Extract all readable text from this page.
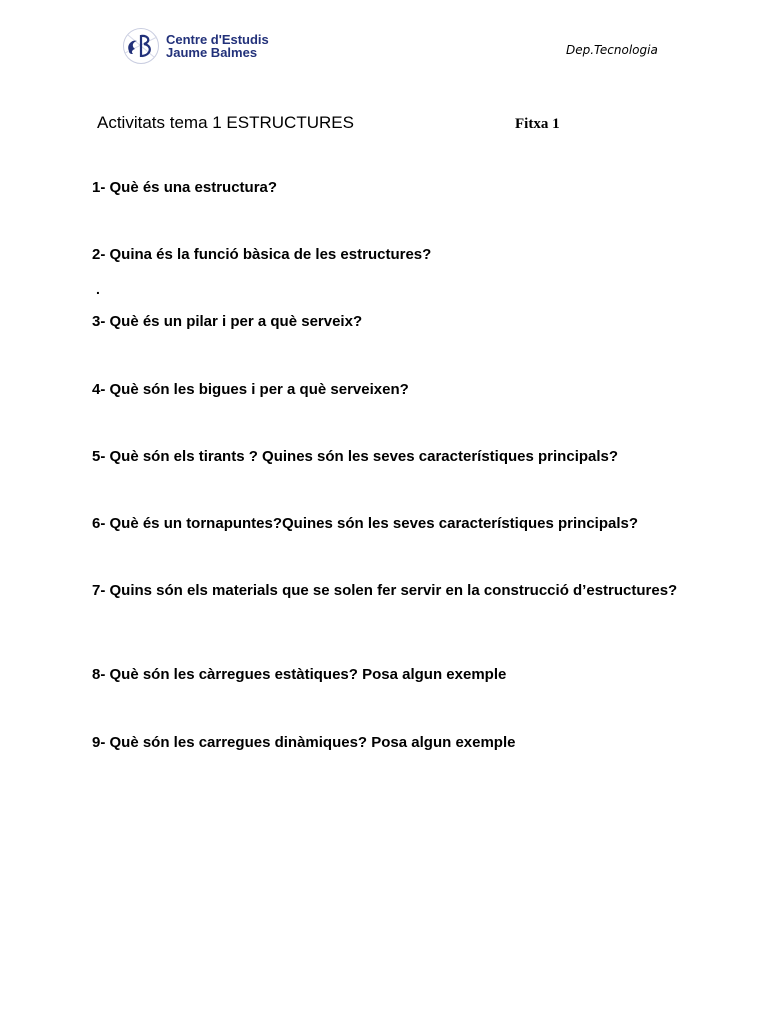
Centre d'Estudis
Jaume Balmes	Dep.Tecnologia
Activitats tema 1 ESTRUCTURES	Fitxa 1
1- Què és una estructura?
2- Quina és la funció bàsica de les estructures?
.
3- Què és un pilar i per a què serveix?
4- Què són les bigues i per a què serveixen?
5- Què són els tirants ? Quines són les seves característiques principals?
6- Què és un tornapuntes?Quines són les seves característiques principals?
7- Quins són els materials que se solen fer servir en la construcció d’estructures?
8- Què són les càrregues estàtiques? Posa algun exemple
9- Què són les carregues dinàmiques? Posa algun exemple
